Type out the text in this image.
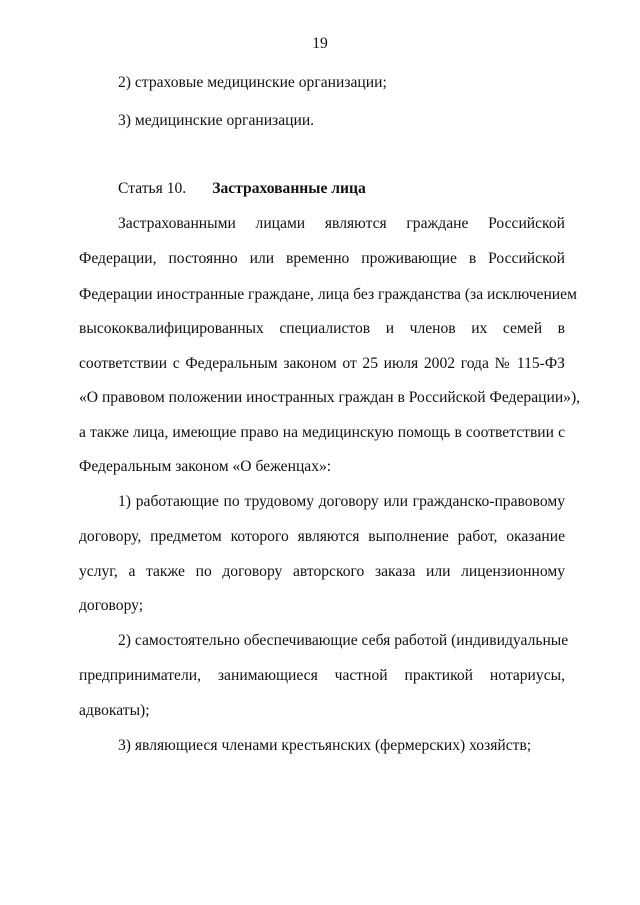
19
2) страховые медицинские организации;
3) медицинские организации.
Статья 10. Застрахованные лица
Застрахованными лицами являются граждане Российской
Федерации, постоянно или временно проживающие в Российской
Федерации иностранные граждане, лица без гражданства (за исключением
высококвалифицированных специалистов и членов их семей в
соответствии с Федеральным законом от 25 июля 2002 года № 115-ФЗ
«О правовом положении иностранных граждан в Российской Федерации»),
а также лица, имеющие право на медицинскую помощь в соответствии с
Федеральным законом «О беженцах»:
1) работающие по трудовому договору или гражданско-правовому
договору, предметом которого являются выполнение работ, оказание
услуг, а также по договору авторского заказа или лицензионному
договору;
2) самостоятельно обеспечивающие себя работой (индивидуальные
предприниматели, занимающиеся частной практикой нотариусы,
адвокаты);
3) являющиеся членами крестьянских (фермерских) хозяйств;
